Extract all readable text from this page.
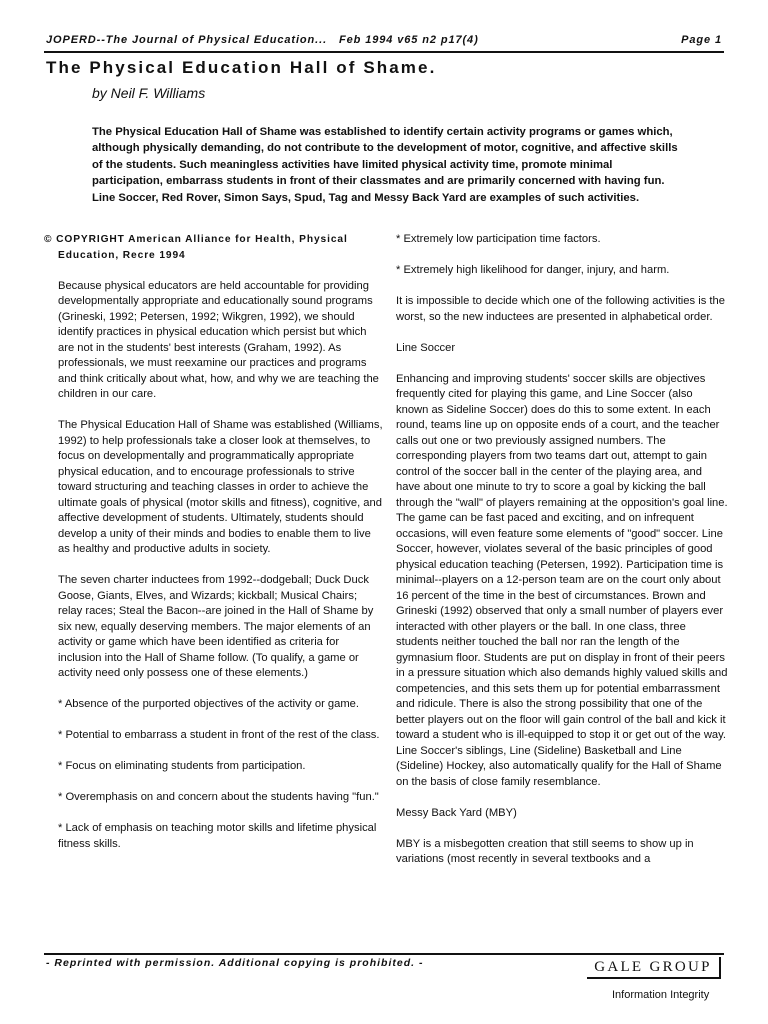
JOPERD--The Journal of Physical Education... Feb 1994 v65 n2 p17(4)	Page 1
The Physical Education Hall of Shame.
by Neil F. Williams

The Physical Education Hall of Shame was established to identify certain activity programs or games which, although physically demanding, do not contribute to the development of motor, cognitive, and affective skills of the students. Such meaningless activities have limited physical activity time, promote minimal participation, embarrass students in front of their classmates and are primarily concerned with having fun. Line Soccer, Red Rover, Simon Says, Spud, Tag and Messy Back Yard are examples of such activities.

© COPYRIGHT American Alliance for Health, Physical Education, Recre 1994

Because physical educators are held accountable for providing developmentally appropriate and educationally sound programs (Grineski, 1992; Petersen, 1992; Wikgren, 1992), we should identify practices in physical education which persist but which are not in the students' best interests (Graham, 1992). As professionals, we must reexamine our practices and programs and think critically about what, how, and why we are teaching the children in our care.

The Physical Education Hall of Shame was established (Williams, 1992) to help professionals take a closer look at themselves, to focus on developmentally and programmatically appropriate physical education, and to encourage professionals to strive toward structuring and teaching classes in order to achieve the ultimate goals of physical (motor skills and fitness), cognitive, and affective development of students. Ultimately, students should develop a unity of their minds and bodies to enable them to live as healthy and productive adults in society.

The seven charter inductees from 1992--dodgeball; Duck Duck Goose, Giants, Elves, and Wizards; kickball; Musical Chairs; relay races; Steal the Bacon--are joined in the Hall of Shame by six new, equally deserving members. The major elements of an activity or game which have been identified as criteria for inclusion into the Hall of Shame follow. (To qualify, a game or activity need only possess one of these elements.)

* Absence of the purported objectives of the activity or game.

* Potential to embarrass a student in front of the rest of the class.

* Focus on eliminating students from participation.

* Overemphasis on and concern about the students having "fun."

* Lack of emphasis on teaching motor skills and lifetime physical fitness skills.

* Extremely low participation time factors.

* Extremely high likelihood for danger, injury, and harm.

It is impossible to decide which one of the following activities is the worst, so the new inductees are presented in alphabetical order.

Line Soccer

Enhancing and improving students' soccer skills are objectives frequently cited for playing this game, and Line Soccer (also known as Sideline Soccer) does do this to some extent. In each round, teams line up on opposite ends of a court, and the teacher calls out one or two previously assigned numbers. The corresponding players from two teams dart out, attempt to gain control of the soccer ball in the center of the playing area, and have about one minute to try to score a goal by kicking the ball through the "wall" of players remaining at the opposition's goal line. The game can be fast paced and exciting, and on infrequent occasions, will even feature some elements of "good" soccer. Line Soccer, however, violates several of the basic principles of good physical education teaching (Petersen, 1992). Participation time is minimal--players on a 12-person team are on the court only about 16 percent of the time in the best of circumstances. Brown and Grineski (1992) observed that only a small number of players ever interacted with other players or the ball. In one class, three students neither touched the ball nor ran the length of the gymnasium floor. Students are put on display in front of their peers in a pressure situation which also demands highly valued skills and competencies, and this sets them up for potential embarrassment and ridicule. There is also the strong possibility that one of the better players out on the floor will gain control of the ball and kick it toward a student who is ill-equipped to stop it or get out of the way. Line Soccer's siblings, Line (Sideline) Basketball and Line (Sideline) Hockey, also automatically qualify for the Hall of Shame on the basis of close family resemblance.

Messy Back Yard (MBY)

MBY is a misbegotten creation that still seems to show up in variations (most recently in several textbooks and a

- Reprinted with permission. Additional copying is prohibited. -	GALE GROUP
Information Integrity
